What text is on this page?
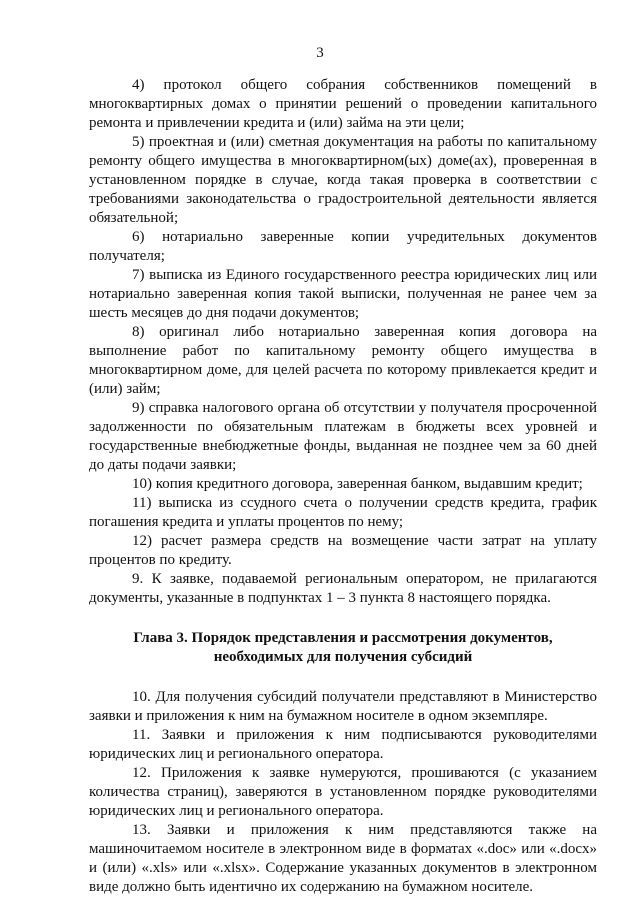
3

4) протокол общего собрания собственников помещений в многоквартирных домах о принятии решений о проведении капитального ремонта и привлечении кредита и (или) займа на эти цели;

5) проектная и (или) сметная документация на работы по капитальному ремонту общего имущества в многоквартирном(ых) доме(ах), проверенная в установленном порядке в случае, когда такая проверка в соответствии с требованиями законодательства о градостроительной деятельности является обязательной;

6) нотариально заверенные копии учредительных документов получателя;

7) выписка из Единого государственного реестра юридических лиц или нотариально заверенная копия такой выписки, полученная не ранее чем за шесть месяцев до дня подачи документов;

8) оригинал либо нотариально заверенная копия договора на выполнение работ по капитальному ремонту общего имущества в многоквартирном доме, для целей расчета по которому привлекается кредит и (или) займ;

9) справка налогового органа об отсутствии у получателя просроченной задолженности по обязательным платежам в бюджеты всех уровней и государственные внебюджетные фонды, выданная не позднее чем за 60 дней до даты подачи заявки;

10) копия кредитного договора, заверенная банком, выдавшим кредит;

11) выписка из ссудного счета о получении средств кредита, график погашения кредита и уплаты процентов по нему;

12) расчет размера средств на возмещение части затрат на уплату процентов по кредиту.

9. К заявке, подаваемой региональным оператором, не прилагаются документы, указанные в подпунктах 1 – 3 пункта 8 настоящего порядка.

Глава 3. Порядок представления и рассмотрения документов,
необходимых для получения субсидий

10. Для получения субсидий получатели представляют в Министерство заявки и приложения к ним на бумажном носителе в одном экземпляре.

11. Заявки и приложения к ним подписываются руководителями юридических лиц и регионального оператора.

12. Приложения к заявке нумеруются, прошиваются (с указанием количества страниц), заверяются в установленном порядке руководителями юридических лиц и регионального оператора.

13. Заявки и приложения к ним представляются также на машиночитаемом носителе в электронном виде в форматах «.doc» или «.docx» и (или) «.xls» или «.xlsx». Содержание указанных документов в электронном виде должно быть идентично их содержанию на бумажном носителе.
